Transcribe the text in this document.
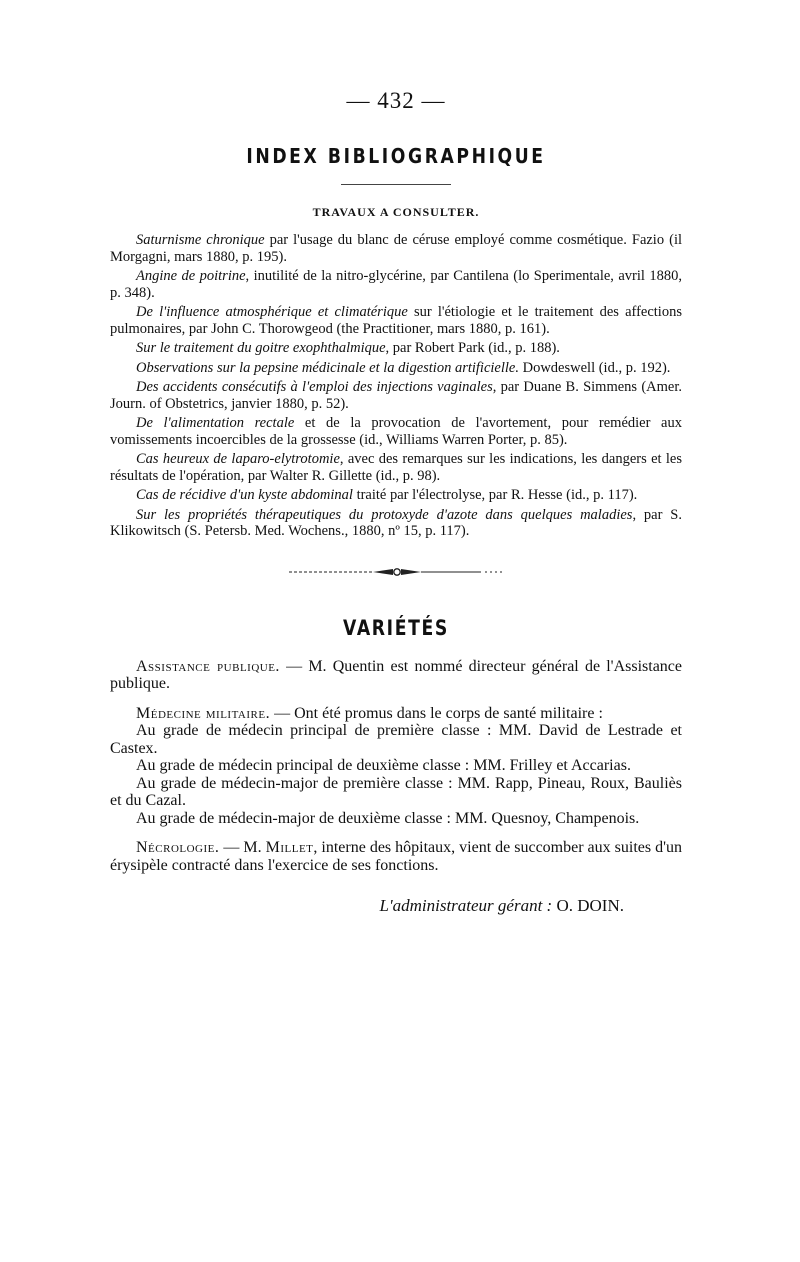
— 432 —
INDEX BIBLIOGRAPHIQUE
TRAVAUX A CONSULTER.

Saturnisme chronique par l'usage du blanc de céruse employé comme cosmétique. Fazio (il Morgagni, mars 1880, p. 195).

Angine de poitrine, inutilité de la nitro-glycérine, par Cantilena (lo Sperimentale, avril 1880, p. 348).

De l'influence atmosphérique et climatérique sur l'étiologie et le traitement des affections pulmonaires, par John C. Thorowgeod (the Practitioner, mars 1880, p. 161).

Sur le traitement du goitre exophthalmique, par Robert Park (id., p. 188).

Observations sur la pepsine médicinale et la digestion artificielle. Dowdeswell (id., p. 192).

Des accidents consécutifs à l'emploi des injections vaginales, par Duane B. Simmens (Amer. Journ. of Obstetrics, janvier 1880, p. 52).

De l'alimentation rectale et de la provocation de l'avortement, pour remédier aux vomissements incoercibles de la grossesse (id., Williams Warren Porter, p. 85).

Cas heureux de laparo-elytrotomie, avec des remarques sur les indications, les dangers et les résultats de l'opération, par Walter R. Gillette (id., p. 98).

Cas de récidive d'un kyste abdominal traité par l'électrolyse, par R. Hesse (id., p. 117).

Sur les propriétés thérapeutiques du protoxyde d'azote dans quelques maladies, par S. Klikowitsch (S. Petersb. Med. Wochens., 1880, nº 15, p. 117).

VARIÉTÉS

Assistance publique. — M. Quentin est nommé directeur général de l'Assistance publique.

Médecine militaire. — Ont été promus dans le corps de santé militaire :

Au grade de médecin principal de première classe : MM. David de Lestrade et Castex.

Au grade de médecin principal de deuxième classe : MM. Frilley et Accarias.

Au grade de médecin-major de première classe : MM. Rapp, Pineau, Roux, Bauliès et du Cazal.

Au grade de médecin-major de deuxième classe : MM. Quesnoy, Champenois.

Nécrologie. — M. Millet, interne des hôpitaux, vient de succomber aux suites d'un érysipèle contracté dans l'exercice de ses fonctions.

L'administrateur gérant : O. DOIN.
